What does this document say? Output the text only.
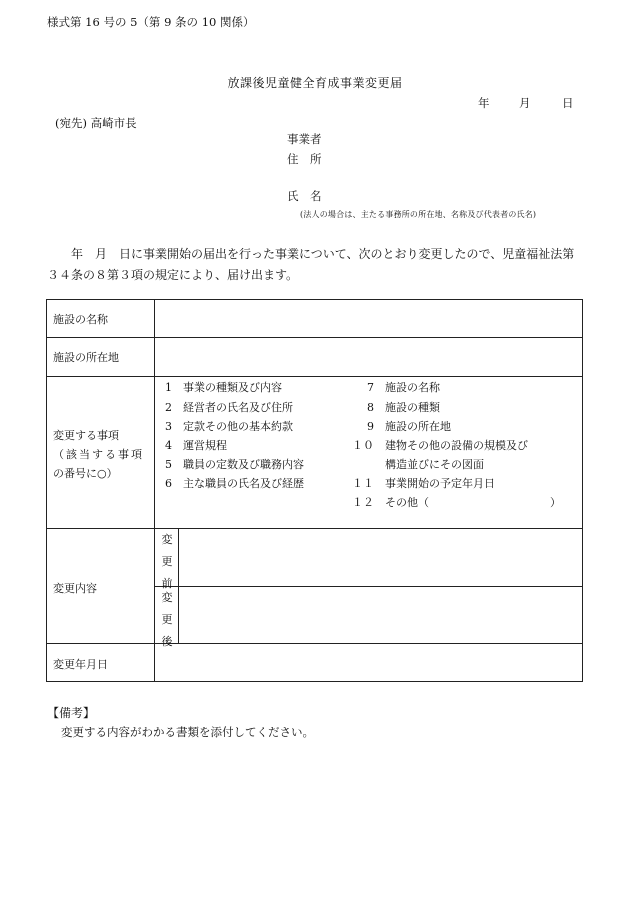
様式第 16 号の 5（第 9 条の 10 関係）
放課後児童健全育成事業変更届
年	月	日
(宛先) 高崎市長
事業者
住　所
氏　名
(法人の場合は、主たる事務所の所在地、名称及び代表者の氏名)

　　年　月　日に事業開始の届出を行った事業について、次のとおり変更したので、児童福祉法第

３４条の８第３項の規定により、届け出ます。

施設の名称
施設の所在地
変更する事項
（該当する事項
の番号に○）
1　 事業の種類及び内容
2　 経営者の氏名及び住所
3　 定款その他の基本約款
4　 運営規程
5　 職員の定数及び職務内容
6　 主な職員の氏名及び経歴
7　 施設の名称
8　 施設の種類
9　 施設の所在地
１０　 建物その他の設備の規模及び
　構造並びにその図面
１１　 事業開始の予定年月日
１２　 その他（　　　　　　　　　　　）
変更内容
変
更
前
変
更
後
変更年月日
【備考】
変更する内容がわかる書類を添付してください。
